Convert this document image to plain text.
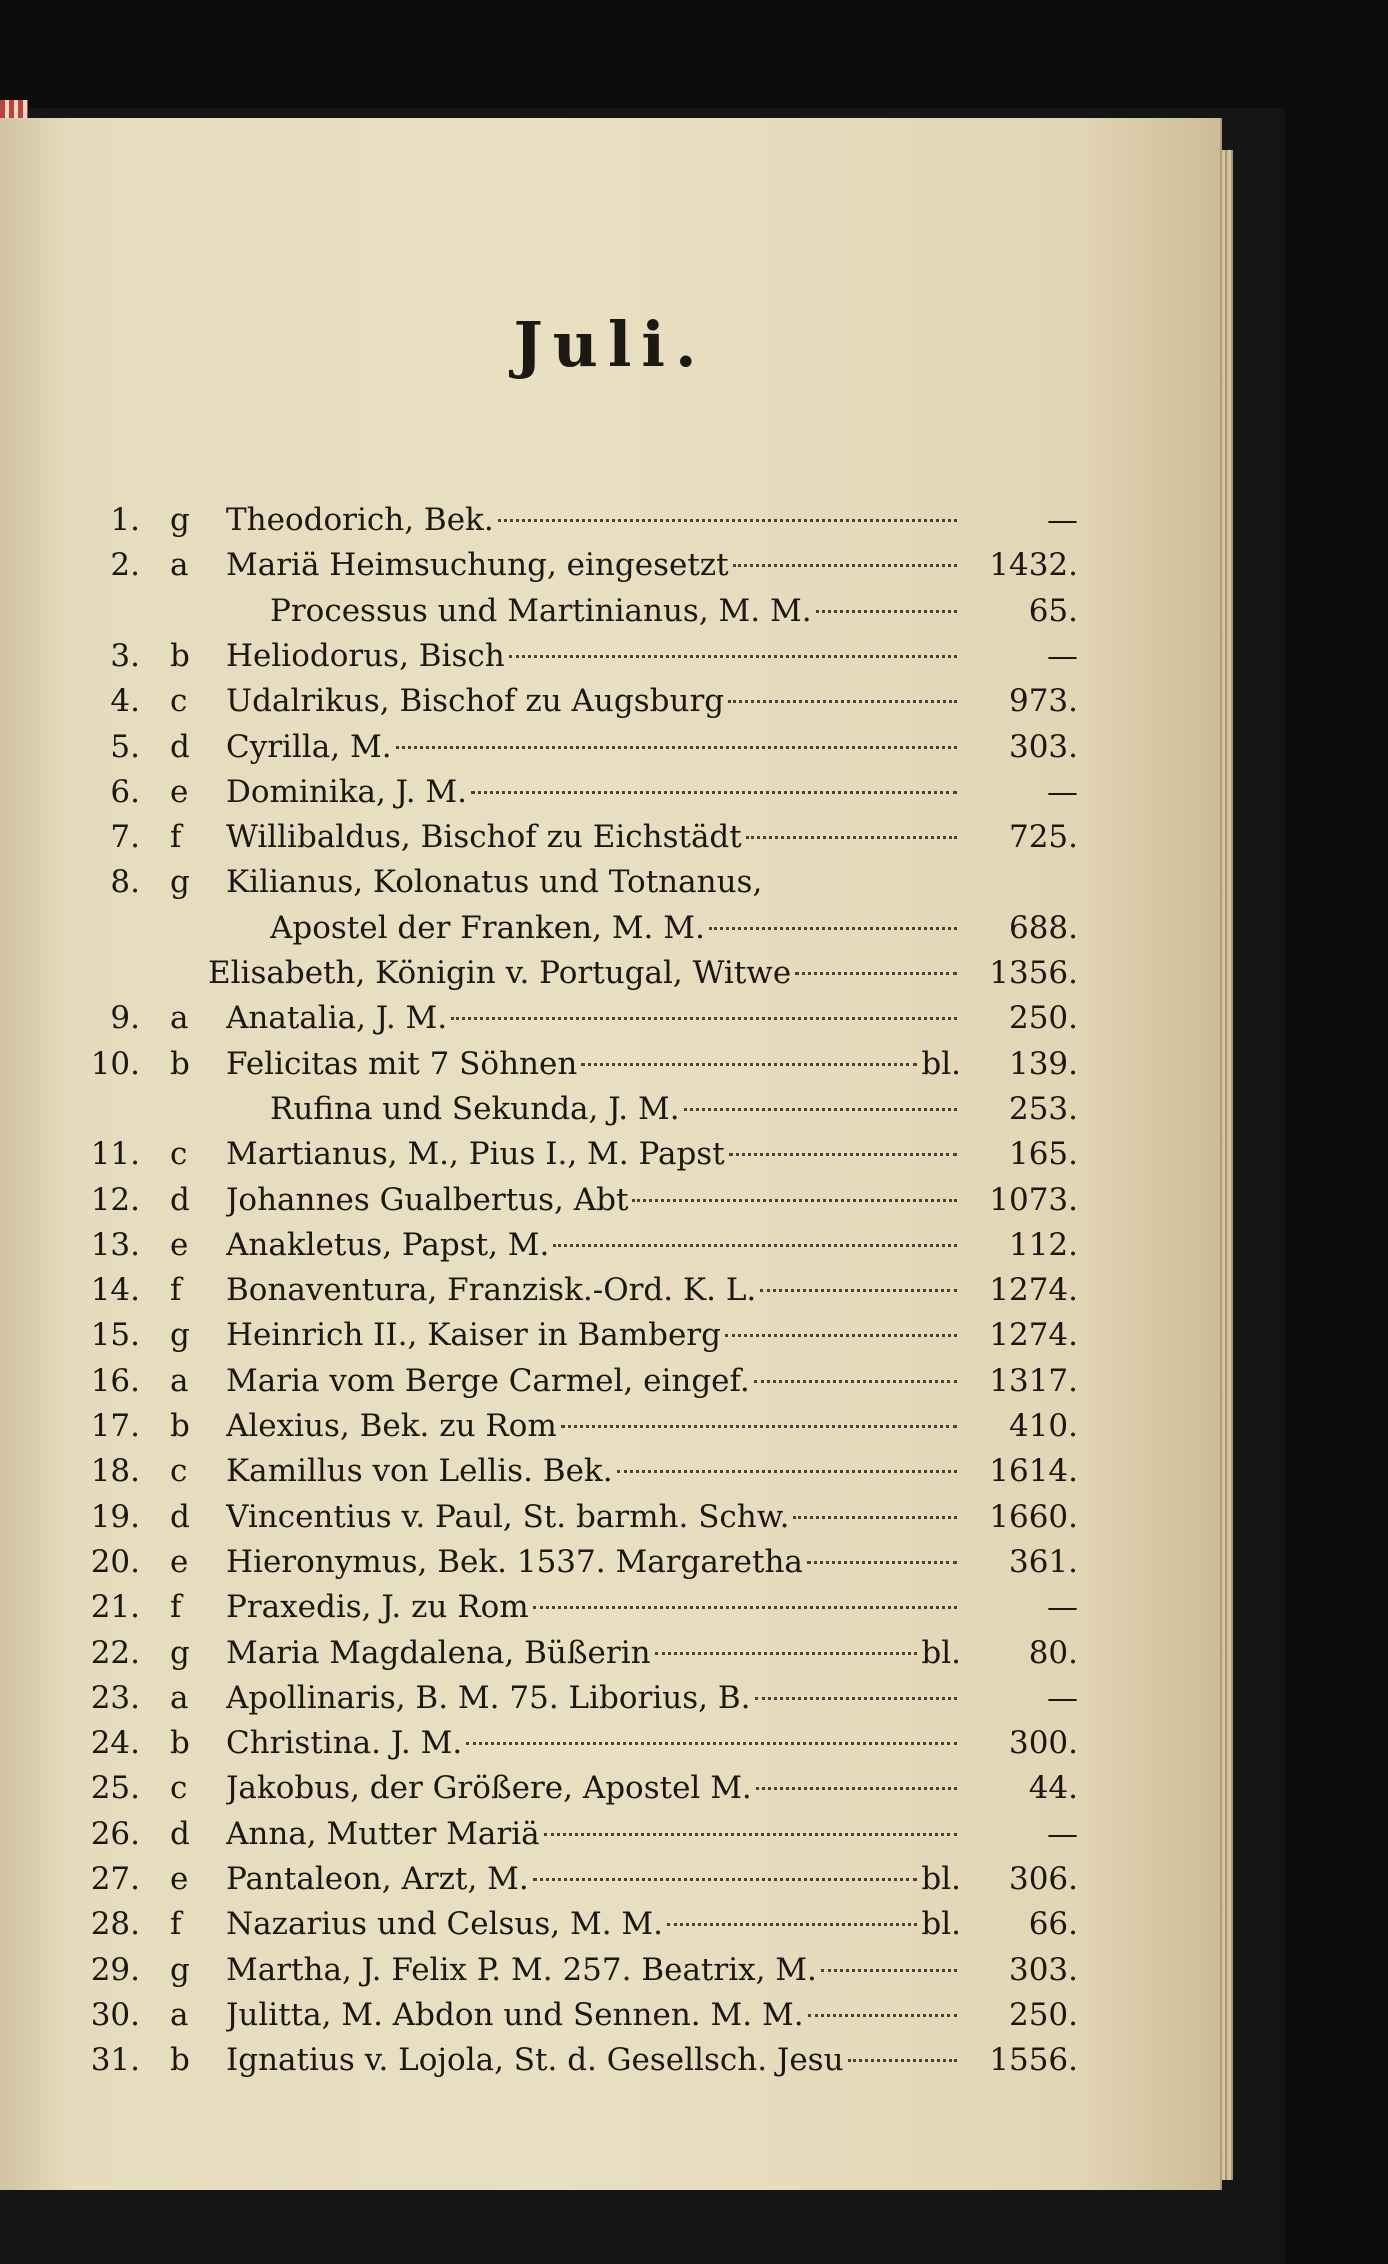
Juli.
1. g	Theodorich, Bek.	—
2. a	Mariä Heimsuchung, eingesetzt	1432.
Processus und Martinianus, M. M.	65.
3. b	Heliodorus, Bisch	—
4. c	Udalrikus, Bischof zu Augsburg	973.
5. d	Cyrilla, M.	303.
6. e	Dominika, J. M.	—
7. f	Willibaldus, Bischof zu Eichstädt	725.
8. g	Kilianus, Kolonatus und Totnanus,
Apostel der Franken, M. M.	688.
Elisabeth, Königin v. Portugal, Witwe	1356.
9. a	Anatalia, J. M.	250.
10. b	Felicitas mit 7 Söhnen	bl.	139.
Rufina und Sekunda, J. M.	253.
11. c	Martianus, M., Pius I., M. Papst	165.
12. d	Johannes Gualbertus, Abt	1073.
13. e	Anakletus, Papst, M.	112.
14. f	Bonaventura, Franzisk.-Ord. K. L.	1274.
15. g	Heinrich II., Kaiser in Bamberg	1274.
16. a	Maria vom Berge Carmel, eingef.	1317.
17. b	Alexius, Bek. zu Rom	410.
18. c	Kamillus von Lellis. Bek.	1614.
19. d	Vincentius v. Paul, St. barmh. Schw.	1660.
20. e	Hieronymus, Bek. 1537. Margaretha	361.
21. f	Praxedis, J. zu Rom	—
22. g	Maria Magdalena, Büßerin	bl.	80.
23. a	Apollinaris, B. M. 75. Liborius, B.	—
24. b	Christina. J. M.	300.
25. c	Jakobus, der Größere, Apostel M.	44.
26. d	Anna, Mutter Mariä	—
27. e	Pantaleon, Arzt, M.	bl.	306.
28. f	Nazarius und Celsus, M. M.	bl.	66.
29. g	Martha, J. Felix P. M. 257. Beatrix, M.	303.
30. a	Julitta, M. Abdon und Sennen. M. M.	250.
31. b	Ignatius v. Lojola, St. d. Gesellsch. Jesu	1556.
